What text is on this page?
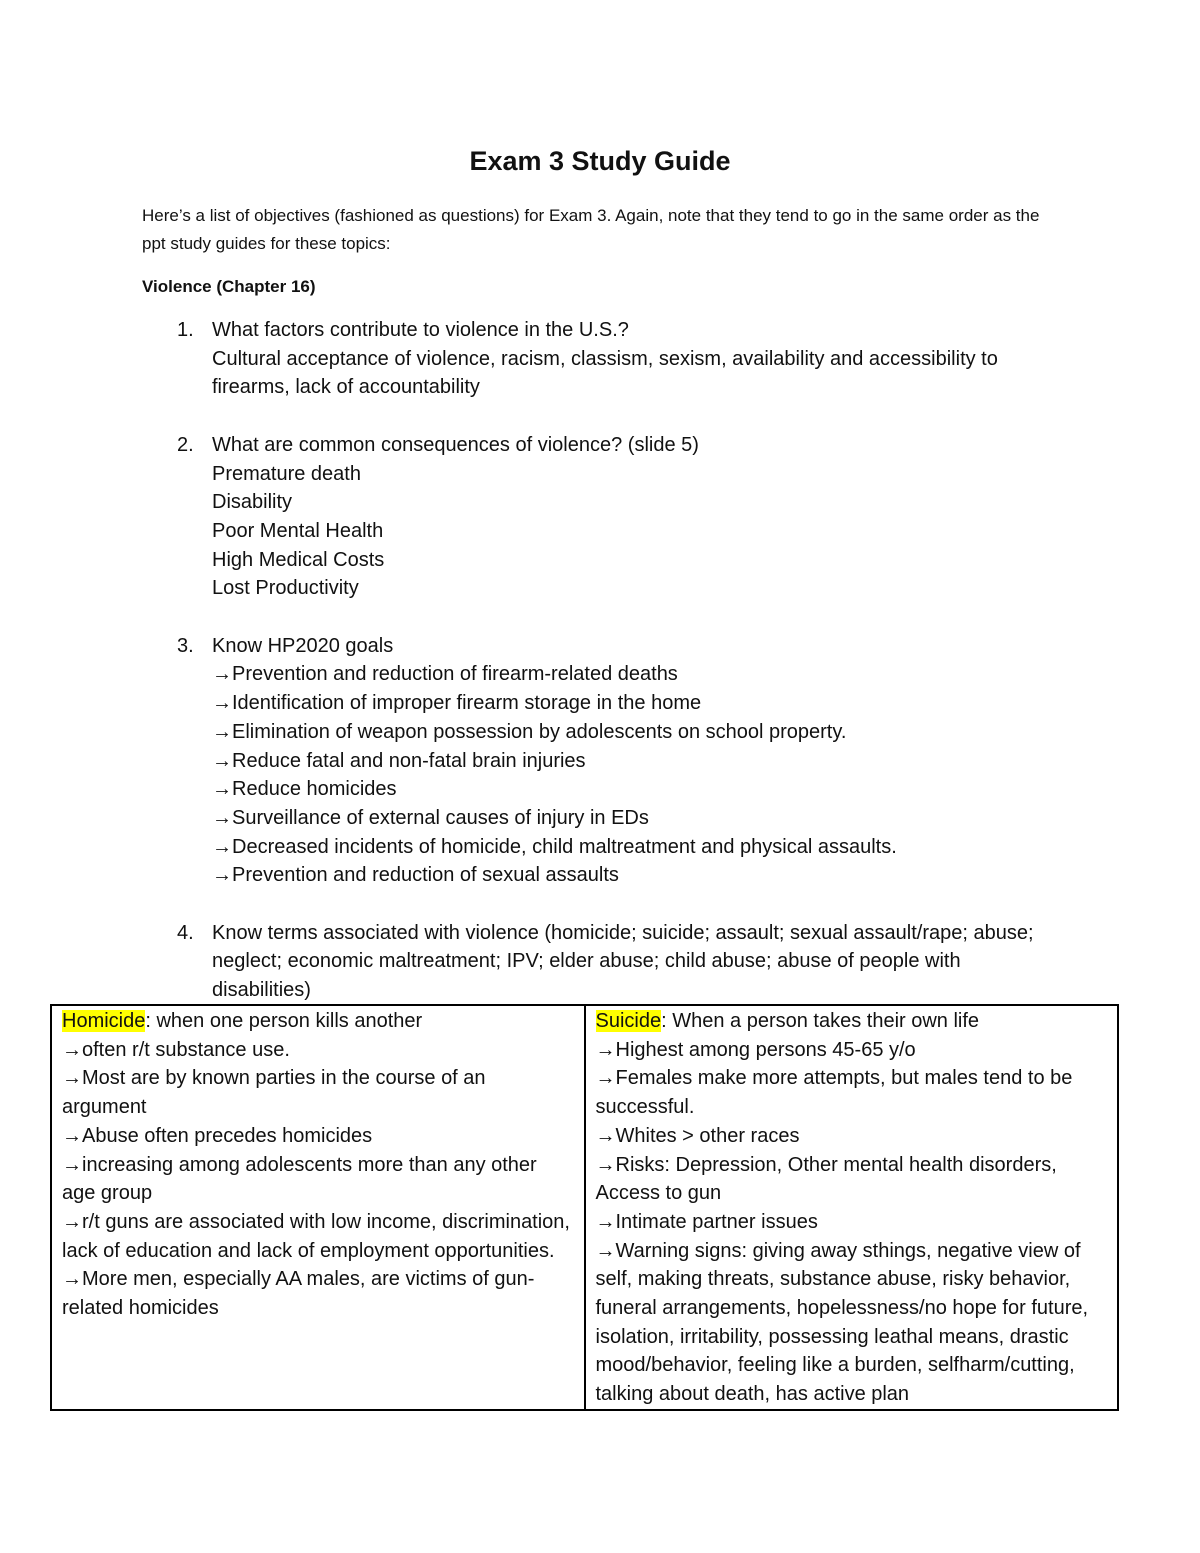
Exam 3 Study Guide
Here’s a list of objectives (fashioned as questions) for Exam 3. Again, note that they tend to go in the same order as the ppt study guides for these topics:
Violence (Chapter 16)
1. What factors contribute to violence in the U.S.?
Cultural acceptance of violence, racism, classism, sexism, availability and accessibility to firearms, lack of accountability
2. What are common consequences of violence? (slide 5)
Premature death
Disability
Poor Mental Health
High Medical Costs
Lost Productivity
3. Know HP2020 goals
→Prevention and reduction of firearm-related deaths
→Identification of improper firearm storage in the home
→Elimination of weapon possession by adolescents on school property.
→Reduce fatal and non-fatal brain injuries
→Reduce homicides
→Surveillance of external causes of injury in EDs
→Decreased incidents of homicide, child maltreatment and physical assaults.
→Prevention and reduction of sexual assaults
4. Know terms associated with violence (homicide; suicide; assault; sexual assault/rape; abuse; neglect; economic maltreatment; IPV; elder abuse; child abuse; abuse of people with disabilities)
Homicide: when one person kills another
→often r/t substance use.
→Most are by known parties in the course of an argument
→Abuse often precedes homicides
→increasing among adolescents more than any other age group
→r/t guns are associated with low income, discrimination, lack of education and lack of employment opportunities.
→More men, especially AA males, are victims of gun-related homicides

Suicide: When a person takes their own life
→Highest among persons 45-65 y/o
→Females make more attempts, but males tend to be successful.
→Whites > other races
→Risks: Depression, Other mental health disorders, Access to gun
→Intimate partner issues
→Warning signs: giving away sthings, negative view of self, making threats, substance abuse, risky behavior, funeral arrangements, hopelessness/no hope for future, isolation, irritability, possessing leathal means, drastic mood/behavior, feeling like a burden, selfharm/cutting, talking about death, has active plan
